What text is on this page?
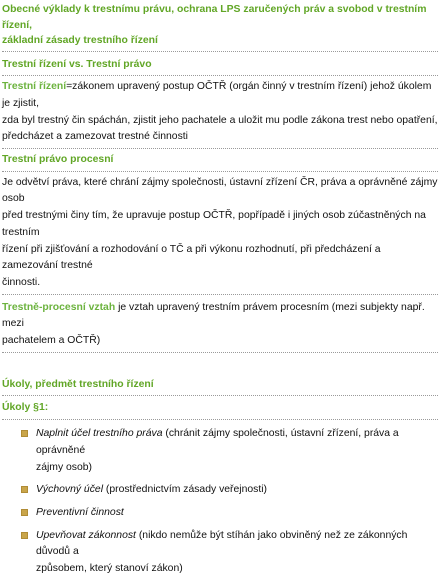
Obecné výklady k trestnímu právu, ochrana LPS zaručených práv a svobod v trestním řízení,
základní zásady trestního řízení

Trestní řízení vs. Trestní právo

Trestní řízení=zákonem upravený postup OČTŘ (orgán činný v trestním řízení) jehož úkolem je zjistit,
zda byl trestný čin spáchán, zjistit jeho pachatele a uložit mu podle zákona trest nebo opatření,
předcházet a zamezovat trestné činnosti

Trestní právo procesní

Je odvětví práva, které chrání zájmy společnosti, ústavní zřízení ČR, práva a oprávněné zájmy osob
před trestnými činy tím, že upravuje postup OČTŘ, popřípadě i jiných osob zúčastněných na trestním
řízení při zjišťování a rozhodování o TČ a při výkonu rozhodnutí, při předcházení a zamezování trestné
činnosti.

Trestně-procesní vztah je vztah upravený trestním právem procesním (mezi subjekty např. mezi
pachatelem a OČTŘ)

Úkoly, předmět trestního řízení

Úkoly §1:

Naplnit účel trestního práva (chránit zájmy společnosti, ústavní zřízení, práva a oprávněné
zájmy osob)
Výchovný účel (prostřednictvím zásady veřejnosti)
Preventivní činnost
Upevňovat zákonnost (nikdo nemůže být stíhán jako obviněný než ze zákonných důvodů a
způsobem, který stanoví zákon)
